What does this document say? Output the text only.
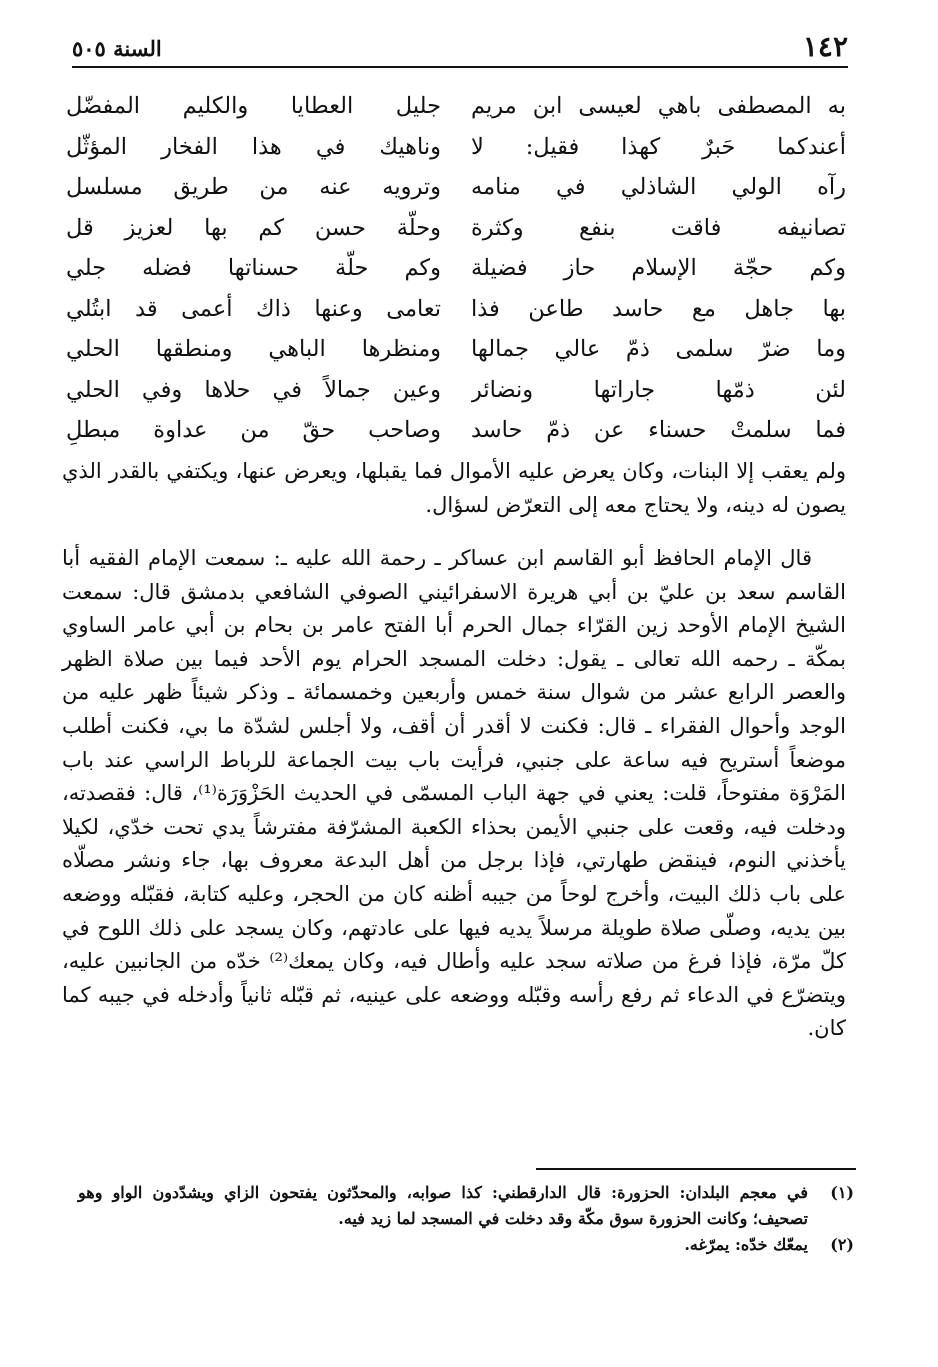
١٤٢
السنة ٥٠٥
به المصطفى باهي لعيسى ابن مريم
جليل العطايا والكليم المفضّل
أعندكما حَبرٌ كهذا فقيل: لا
وناهيك في هذا الفخار المؤثّل
رآه الولي الشاذلي في منامه
وترويه عنه من طريق مسلسل
تصانيفه فاقت بنفع وكثرة
وحلّة حسن كم بها لعزيز قل
وكم حجّة الإسلام حاز فضيلة
وكم حلّة حسناتها فضله جلي
بها جاهل مع حاسد طاعن فذا
تعامى وعنها ذاك أعمى قد ابتُلي
وما ضرّ سلمى ذمّ عالي جمالها
ومنظرها الباهي ومنطقها الحلي
لئن ذمّها جاراتها ونضائر
وعين جمالاً في حلاها وفي الحلي
فما سلمتْ حسناء عن ذمّ حاسد
وصاحب حقّ من عداوة مبطلِ

ولم يعقب إلا البنات، وكان يعرض عليه الأموال فما يقبلها، ويعرض عنها، ويكتفي بالقدر الذي يصون له دينه، ولا يحتاج معه إلى التعرّض لسؤال.

قال الإمام الحافظ أبو القاسم ابن عساكر ـ رحمة الله عليه ـ: سمعت الإمام الفقيه أبا القاسم سعد بن عليّ بن أبي هريرة الاسفرائيني الصوفي الشافعي بدمشق قال: سمعت الشيخ الإمام الأوحد زين القرّاء جمال الحرم أبا الفتح عامر بن بحام بن أبي عامر الساوي بمكّة ـ رحمه الله تعالى ـ يقول: دخلت المسجد الحرام يوم الأحد فيما بين صلاة الظهر والعصر الرابع عشر من شوال سنة خمس وأربعين وخمسمائة ـ وذكر شيئاً ظهر عليه من الوجد وأحوال الفقراء ـ قال: فكنت لا أقدر أن أقف، ولا أجلس لشدّة ما بي، فكنت أطلب موضعاً أستريح فيه ساعة على جنبي، فرأيت باب بيت الجماعة للرباط الراسي عند باب المَرْوَة مفتوحاً، قلت: يعني في جهة الباب المسمّى في الحديث الحَزْوَرَة⁽¹⁾، قال: فقصدته، ودخلت فيه، وقعت على جنبي الأيمن بحذاء الكعبة المشرّفة مفترشاً يدي تحت خدّي، لكيلا يأخذني النوم، فينقض طهارتي، فإذا برجل من أهل البدعة معروف بها، جاء ونشر مصلّاه على باب ذلك البيت، وأخرج لوحاً من جيبه أظنه كان من الحجر، وعليه كتابة، فقبّله ووضعه بين يديه، وصلّى صلاة طويلة مرسلاً يديه فيها على عادتهم، وكان يسجد على ذلك اللوح في كلّ مرّة، فإذا فرغ من صلاته سجد عليه وأطال فيه، وكان يمعك⁽²⁾ خدّه من الجانبين عليه، ويتضرّع في الدعاء ثم رفع رأسه وقبّله ووضعه على عينيه، ثم قبّله ثانياً وأدخله في جيبه كما كان.

(١)
في معجم البلدان: الحزورة: قال الدارقطني: كذا صوابه، والمحدّثون يفتحون الزاي ويشدّدون الواو وهو تصحيف؛ وكانت الحزورة سوق مكّة وقد دخلت في المسجد لما زيد فيه.
(٢)
يمعّك خدّه: يمرّغه.
